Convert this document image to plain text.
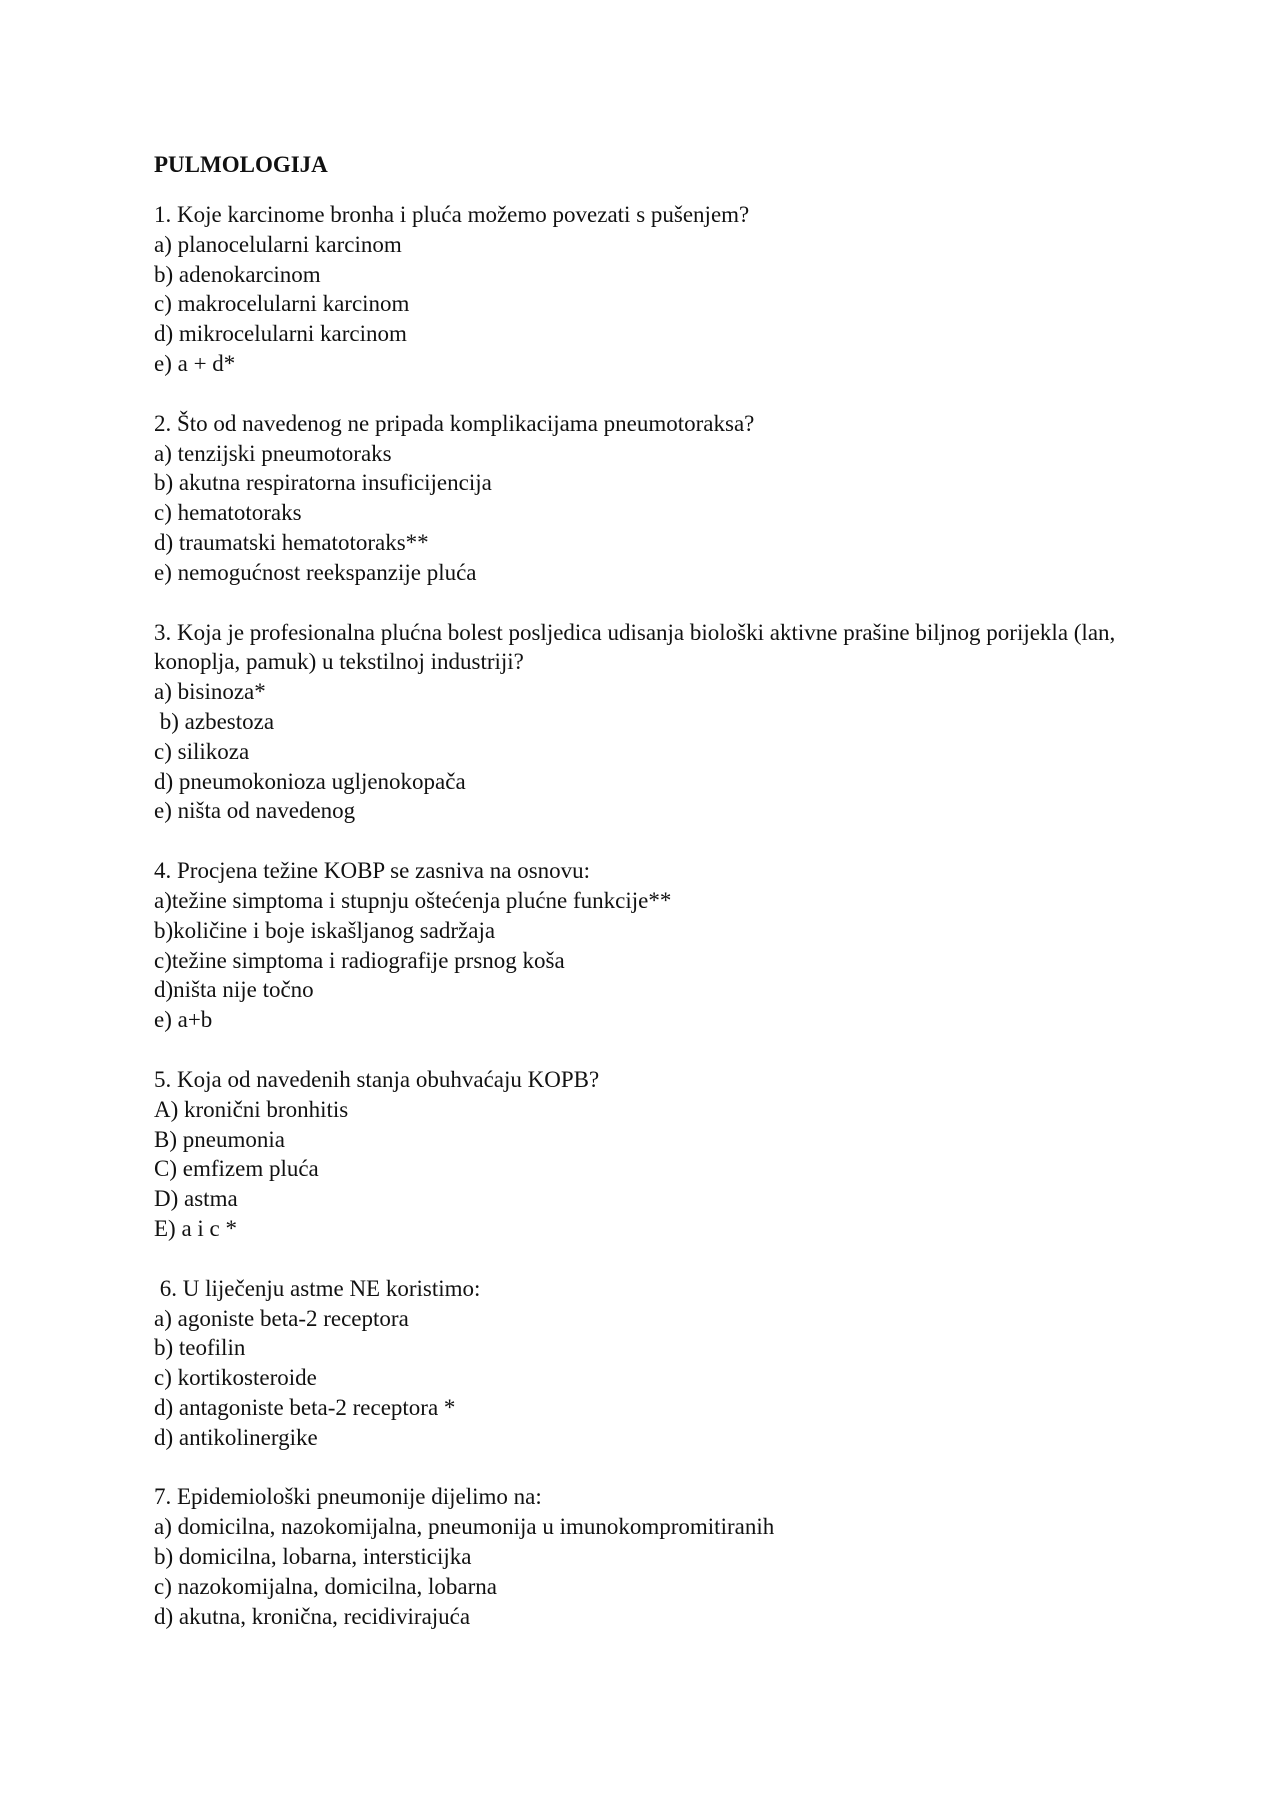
PULMOLOGIJA
1. Koje karcinome bronha i pluća možemo povezati s pušenjem?
a) planocelularni karcinom
b) adenokarcinom
c) makrocelularni karcinom
d) mikrocelularni karcinom
e) a + d*
2. Što od navedenog ne pripada komplikacijama pneumotoraksa?
a) tenzijski pneumotoraks
b) akutna respiratorna insuficijencija
c) hematotoraks
d) traumatski hematotoraks**
e) nemogućnost reekspanzije pluća
3. Koja je profesionalna plućna bolest posljedica udisanja biološki aktivne prašine biljnog porijekla (lan, konoplja, pamuk) u tekstilnoj industriji?
a) bisinoza*
b) azbestoza
c) silikoza
d) pneumokonioza ugljenokopača
e) ništa od navedenog
4. Procjena težine KOBP se zasniva na osnovu:
a)težine simptoma i stupnju oštećenja plućne funkcije**
b)količine i boje iskašljanog sadržaja
c)težine simptoma i radiografije prsnog koša
d)ništa nije točno
e) a+b
5. Koja od navedenih stanja obuhvaćaju KOPB?
A) kronični bronhitis
B) pneumonia
C) emfizem pluća
D) astma
E) a i c *
6. U liječenju astme NE koristimo:
a) agoniste beta-2 receptora
b) teofilin
c) kortikosteroide
d) antagoniste beta-2 receptora *
d) antikolinergike
7. Epidemiološki pneumonije dijelimo na:
a) domicilna, nazokomijalna, pneumonija u imunokompromitiranih
b) domicilna, lobarna, intersticijka
c) nazokomijalna, domicilna, lobarna
d) akutna, kronična, recidivirajuća
